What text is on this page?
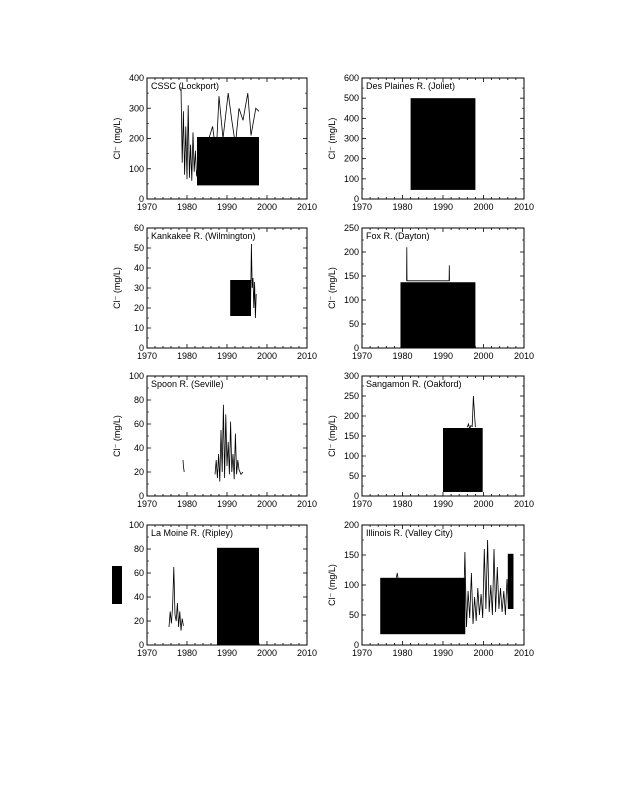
1970 1980 1990 2000 2010
0
100
200
300
400
Cl⁻ (mg/L)
CSSC (Lockport)
1970 1980 1990 2000 2010
0
100
200
300
400
500
600
Cl⁻ (mg/L)
Des Plaines R. (Joliet)
1970 1980 1990 2000 2010
0
10
20
30
40
50
60
Cl⁻ (mg/L)
Kankakee R. (Wilmington)
1970 1980 1990 2000 2010
0
50
100
150
200
250
Cl⁻ (mg/L)
Fox R. (Dayton)
1970 1980 1990 2000 2010
0
20
40
60
80
100
Cl⁻ (mg/L)
Spoon R. (Seville)
1970 1980 1990 2000 2010
0
50
100
150
200
250
300
Cl⁻ (mg/L)
Sangamon R. (Oakford)
1970 1980 1990 2000 2010
0
20
40
60
80
100
La Moine R. (Ripley)
1970 1980 1990 2000 2010
0
50
100
150
200
Cl⁻ (mg/L)
Illinois R. (Valley City)
